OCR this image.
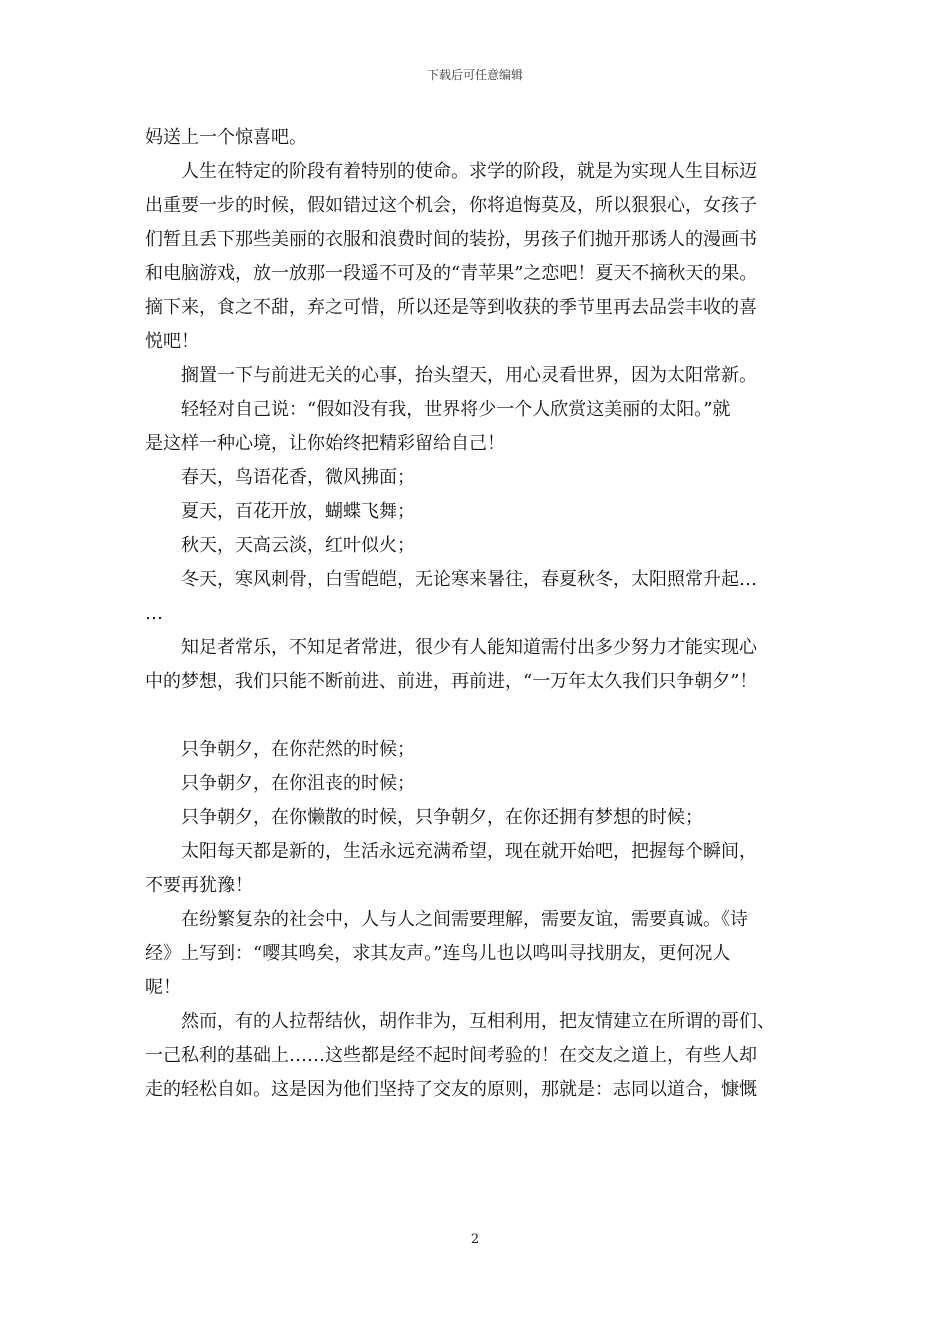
下载后可任意编辑

妈送上一个惊喜吧。

人生在特定的阶段有着特别的使命。求学的阶段，就是为实现人生目标迈

出重要一步的时候，假如错过这个机会，你将追悔莫及，所以狠狠心，女孩子

们暂且丢下那些美丽的衣服和浪费时间的装扮，男孩子们抛开那诱人的漫画书

和电脑游戏，放一放那一段遥不可及的“青苹果”之恋吧！夏天不摘秋天的果。

摘下来，食之不甜，弃之可惜，所以还是等到收获的季节里再去品尝丰收的喜

悦吧！

搁置一下与前进无关的心事，抬头望天，用心灵看世界，因为太阳常新。

轻轻对自己说：“假如没有我，世界将少一个人欣赏这美丽的太阳。”就

是这样一种心境，让你始终把精彩留给自己！

春天，鸟语花香，微风拂面；

夏天，百花开放，蝴蝶飞舞；

秋天，天高云淡，红叶似火；

冬天，寒风刺骨，白雪皑皑，无论寒来暑往，春夏秋冬，太阳照常升起…

…

知足者常乐，不知足者常进，很少有人能知道需付出多少努力才能实现心

中的梦想，我们只能不断前进、前进，再前进，“一万年太久我们只争朝夕”！

只争朝夕，在你茫然的时候；

只争朝夕，在你沮丧的时候；

只争朝夕，在你懒散的时候，只争朝夕，在你还拥有梦想的时候；

太阳每天都是新的，生活永远充满希望，现在就开始吧，把握每个瞬间，

不要再犹豫！

在纷繁复杂的社会中，人与人之间需要理解，需要友谊，需要真诚。《诗

经》上写到：“嘤其鸣矣，求其友声。”连鸟儿也以鸣叫寻找朋友，更何况人

呢！

然而，有的人拉帮结伙，胡作非为，互相利用，把友情建立在所谓的哥们、

一己私利的基础上……这些都是经不起时间考验的！在交友之道上，有些人却

走的轻松自如。这是因为他们坚持了交友的原则，那就是：志同以道合，慷慨

2
